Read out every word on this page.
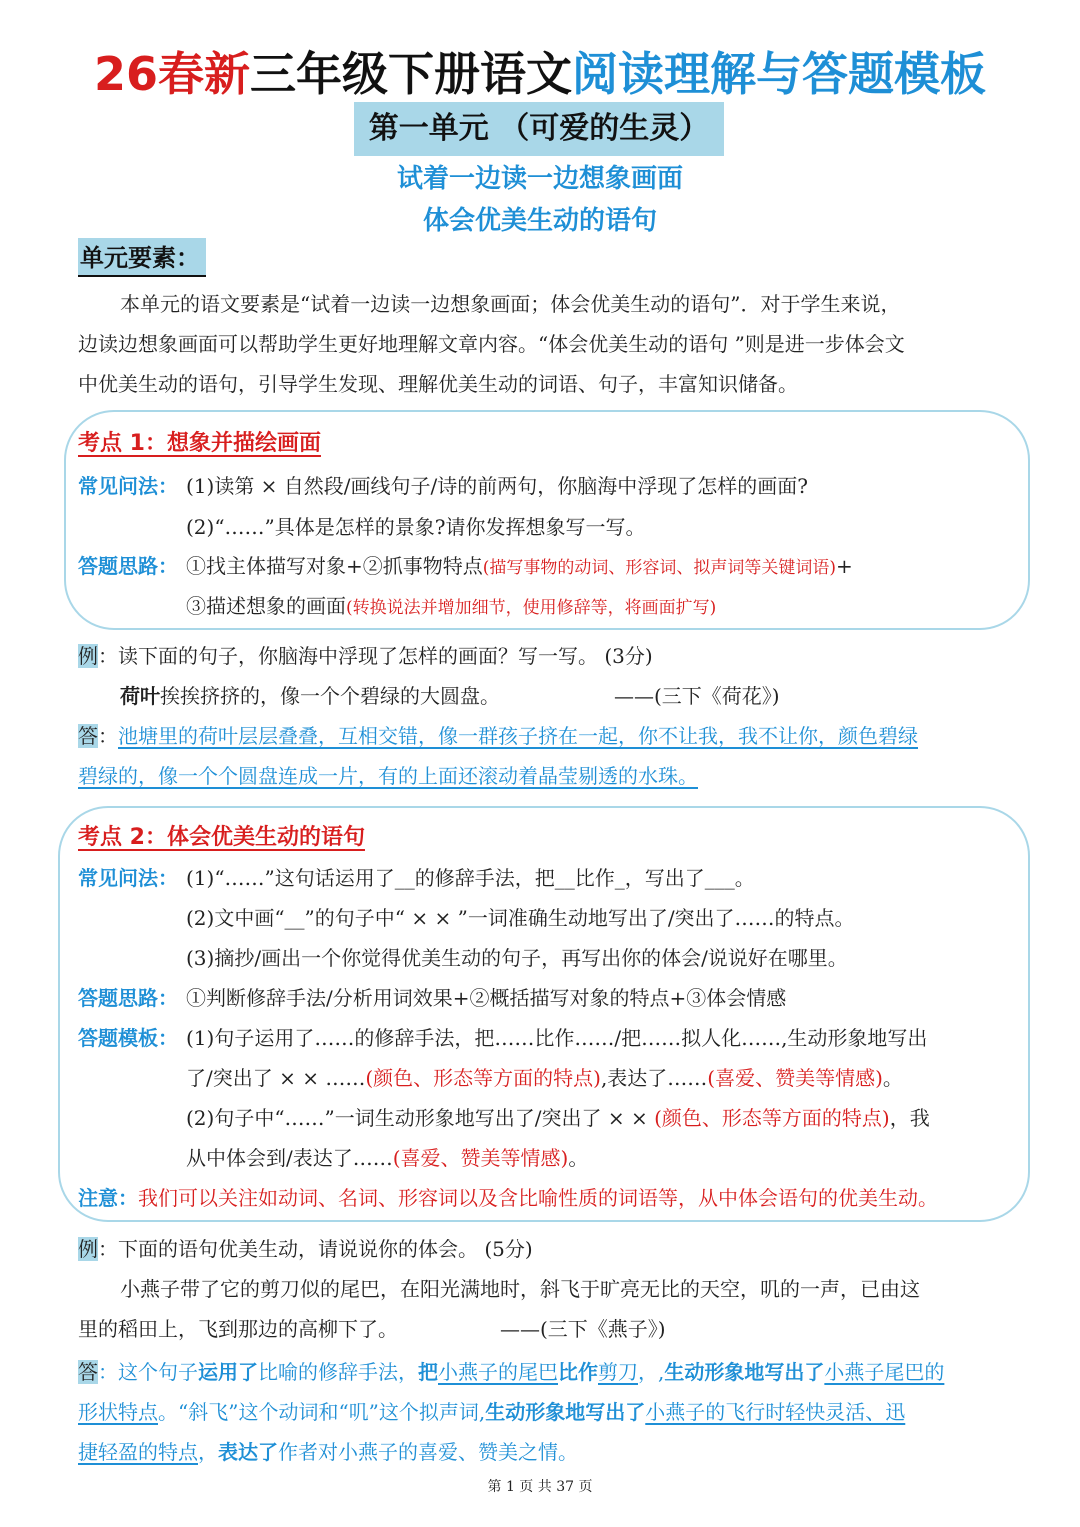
26春新三年级下册语文阅读理解与答题模板
第一单元 （可爱的生灵）
试着一边读一边想象画面
体会优美生动的语句
单元要素：
本单元的语文要素是“试着一边读一边想象画面；体会优美生动的语句”．对于学生来说，
边读边想象画面可以帮助学生更好地理解文章内容。“体会优美生动的语句 ”则是进一步体会文
中优美生动的语句，引导学生发现、理解优美生动的词语、句子，丰富知识储备。
考点 1：想象并描绘画面
常见问法： (1)读第 × 自然段/画线句子/诗的前两句，你脑海中浮现了怎样的画面?
(2)“……”具体是怎样的景象?请你发挥想象写一写。
答题思路： ①找主体描写对象+②抓事物特点(描写事物的动词、形容词、拟声词等关键词语)+
③描述想象的画面(转换说法并增加细节，使用修辞等，将画面扩写)
例：读下面的句子，你脑海中浮现了怎样的画面？写一写。 (3分)
荷叶挨挨挤挤的，像一个个碧绿的大圆盘。	——(三下《荷花》)
答：池塘里的荷叶层层叠叠，互相交错，像一群孩子挤在一起，你不让我，我不让你，颜色碧绿
碧绿的，像一个个圆盘连成一片，有的上面还滚动着晶莹剔透的水珠。
考点 2：体会优美生动的语句
常见问法： (1)“……”这句话运用了__的修辞手法，把__比作_，写出了___。
(2)文中画“__”的句子中“ × × ”一词准确生动地写出了/突出了……的特点。
(3)摘抄/画出一个你觉得优美生动的句子，再写出你的体会/说说好在哪里。
答题思路： ①判断修辞手法/分析用词效果+②概括描写对象的特点+③体会情感
答题模板： (1)句子运用了……的修辞手法，把……比作……/把……拟人化……,生动形象地写出
了/突出了 × × ……(颜色、形态等方面的特点),表达了……(喜爱、赞美等情感)。
(2)句子中“……”一词生动形象地写出了/突出了 × × (颜色、形态等方面的特点)，我
从中体会到/表达了……(喜爱、赞美等情感)。
注意：我们可以关注如动词、名词、形容词以及含比喻性质的词语等，从中体会语句的优美生动。
例：下面的语句优美生动，请说说你的体会。 (5分)
小燕子带了它的剪刀似的尾巴，在阳光满地时，斜飞于旷亮无比的天空，叽的一声，已由这
里的稻田上，飞到那边的高柳下了。	——(三下《燕子》)
答：这个句子运用了比喻的修辞手法，把小燕子的尾巴比作剪刀，,生动形象地写出了小燕子尾巴的
形状特点。“斜飞”这个动词和“叽”这个拟声词,生动形象地写出了小燕子的飞行时轻快灵活、迅
捷轻盈的特点，表达了作者对小燕子的喜爱、赞美之情。
第 1 页 共 37 页
